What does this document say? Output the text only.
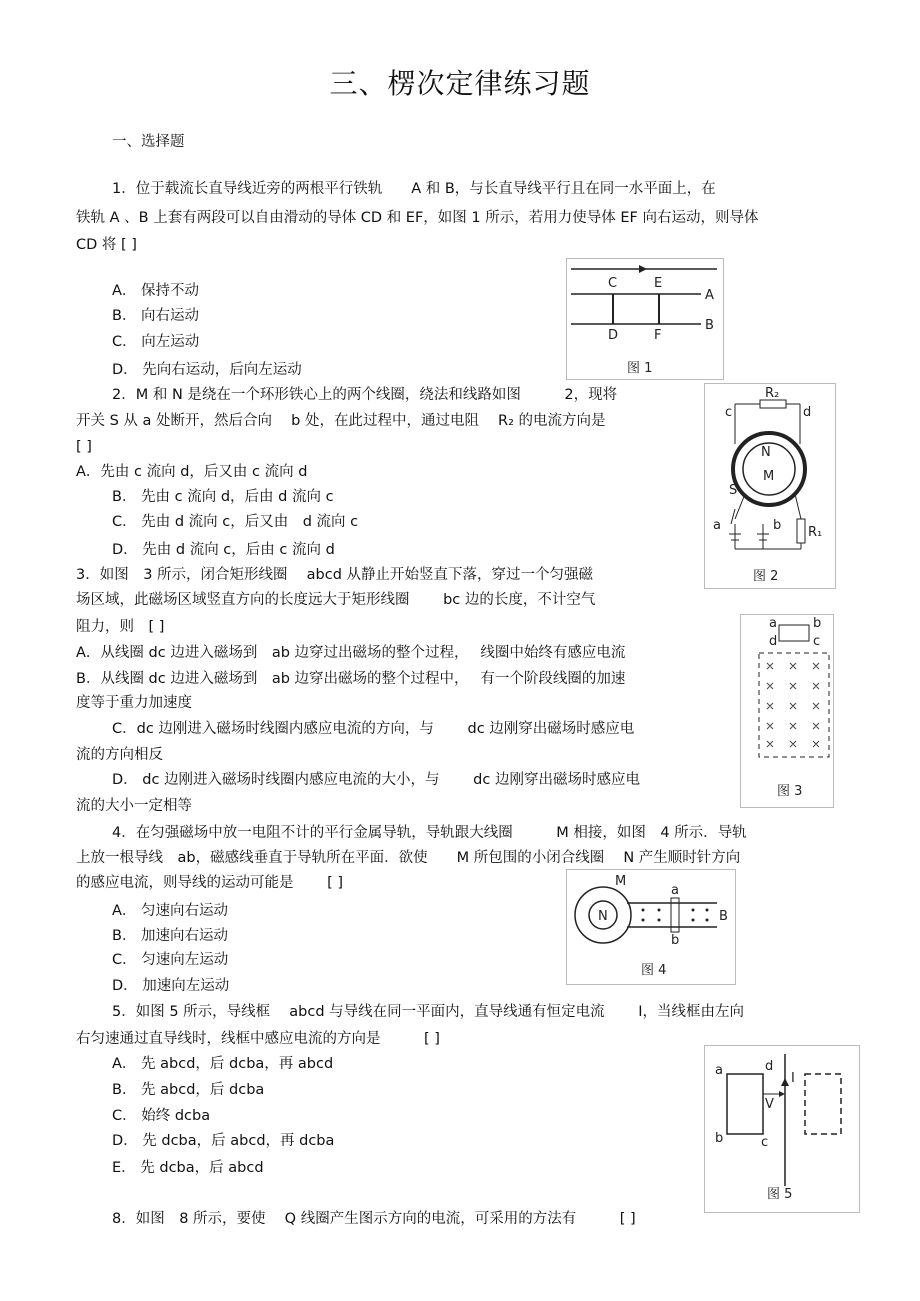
三、楞次定律练习题
一、选择题
1．位于载流长直导线近旁的两根平行铁轨　　A 和 B，与长直导线平行且在同一水平面上，在
铁轨 A 、B 上套有两段可以自由滑动的导体 CD 和 EF，如图 1 所示，若用力使导体 EF 向右运动，则导体
CD 将 [ ]
A． 保持不动
B． 向右运动
C． 向左运动
D． 先向右运动，后向左运动
2．M 和 N 是绕在一个环形铁心上的两个线圈，绕法和线路如图　　　2，现将
开关 S 从 a 处断开，然后合向　 b 处，在此过程中，通过电阻　 R₂ 的电流方向是
[ ]
A．先由 c 流向 d，后又由 c 流向 d
B． 先由 c 流向 d，后由 d 流向 c
C． 先由 d 流向 c，后又由　d 流向 c
D． 先由 d 流向 c，后由 c 流向 d
3．如图　3 所示，闭合矩形线圈　 abcd 从静止开始竖直下落，穿过一个匀强磁
场区域，此磁场区域竖直方向的长度远大于矩形线圈　　 bc 边的长度，不计空气
阻力，则　[ ]
A．从线圈 dc 边进入磁场到　ab 边穿过出磁场的整个过程，　 线圈中始终有感应电流
B．从线圈 dc 边进入磁场到　ab 边穿出磁场的整个过程中，　 有一个阶段线圈的加速
度等于重力加速度
C．dc 边刚进入磁场时线圈内感应电流的方向，与　　 dc 边刚穿出磁场时感应电
流的方向相反
D． dc 边刚进入磁场时线圈内感应电流的大小，与　　 dc 边刚穿出磁场时感应电
流的大小一定相等
4．在匀强磁场中放一电阻不计的平行金属导轨，导轨跟大线圈　　　M 相接，如图　4 所示．导轨
上放一根导线　ab，磁感线垂直于导轨所在平面．欲使　　M 所包围的小闭合线圈　 N 产生顺时针方向
的感应电流，则导线的运动可能是　　 [ ]
A． 匀速向右运动
B． 加速向右运动
C． 匀速向左运动
D． 加速向左运动
5．如图 5 所示，导线框　 abcd 与导线在同一平面内，直导线通有恒定电流　　 I，当线框由左向
右匀速通过直导线时，线框中感应电流的方向是　　　[ ]
A． 先 abcd，后 dcba，再 abcd
B． 先 abcd，后 dcba
C． 始终 dcba
D． 先 dcba，后 abcd，再 dcba
E． 先 dcba，后 abcd
8．如图　8 所示，要使　 Q 线圈产生图示方向的电流，可采用的方法有　　　[ ]
C	E
A
D	F
B
图 1
R₂
c	d
N
M
S
a	b R₁
图 2
a	b
d	c
图 3
M
N
a
b
B
图 4
a	d
V
I
b	c
图 5
